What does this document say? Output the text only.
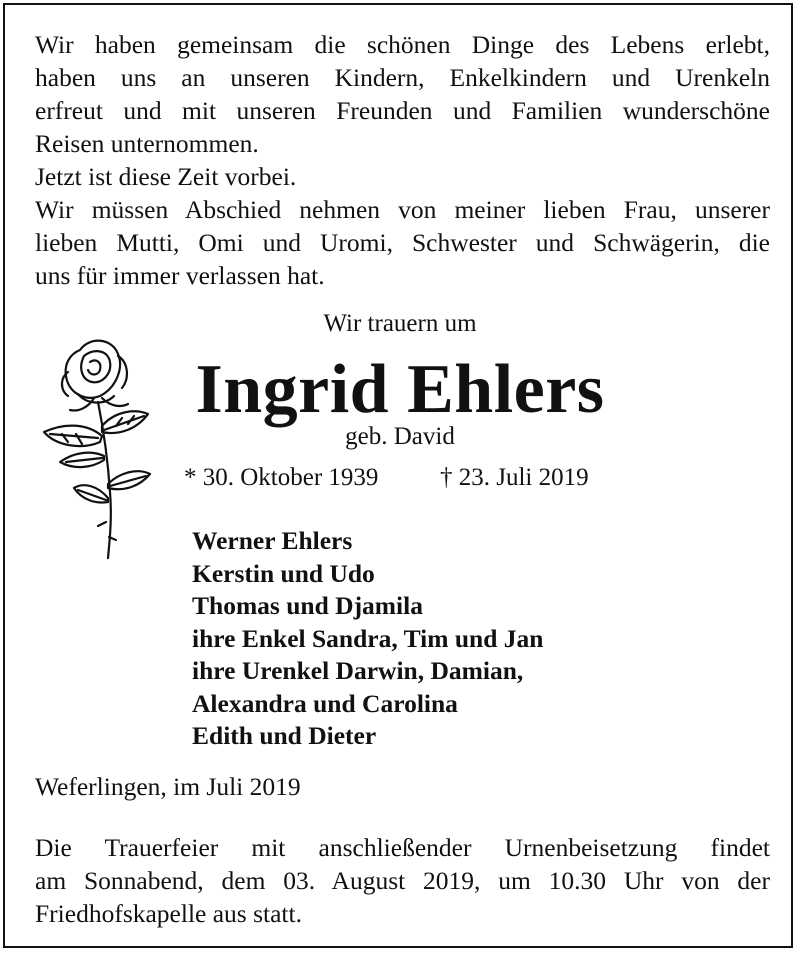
Wir haben gemeinsam die schönen Dinge des Lebens erlebt,

haben uns an unseren Kindern, Enkelkindern und Urenkeln

erfreut und mit unseren Freunden und Familien wunderschöne

Reisen unternommen.

Jetzt ist diese Zeit vorbei.

Wir müssen Abschied nehmen von meiner lieben Frau, unserer

lieben Mutti, Omi und Uromi, Schwester und Schwägerin, die

uns für immer verlassen hat.

Wir trauern um

Ingrid Ehlers

geb. David

* 30. Oktober 1939 † 23. Juli 2019
Werner Ehlers
Kerstin und Udo
Thomas und Djamila
ihre Enkel Sandra, Tim und Jan
ihre Urenkel Darwin, Damian,
Alexandra und Carolina
Edith und Dieter

Weferlingen, im Juli 2019

Die Trauerfeier mit anschließender Urnenbeisetzung findet

am Sonnabend, dem 03. August 2019, um 10.30 Uhr von der

Friedhofskapelle aus statt.
